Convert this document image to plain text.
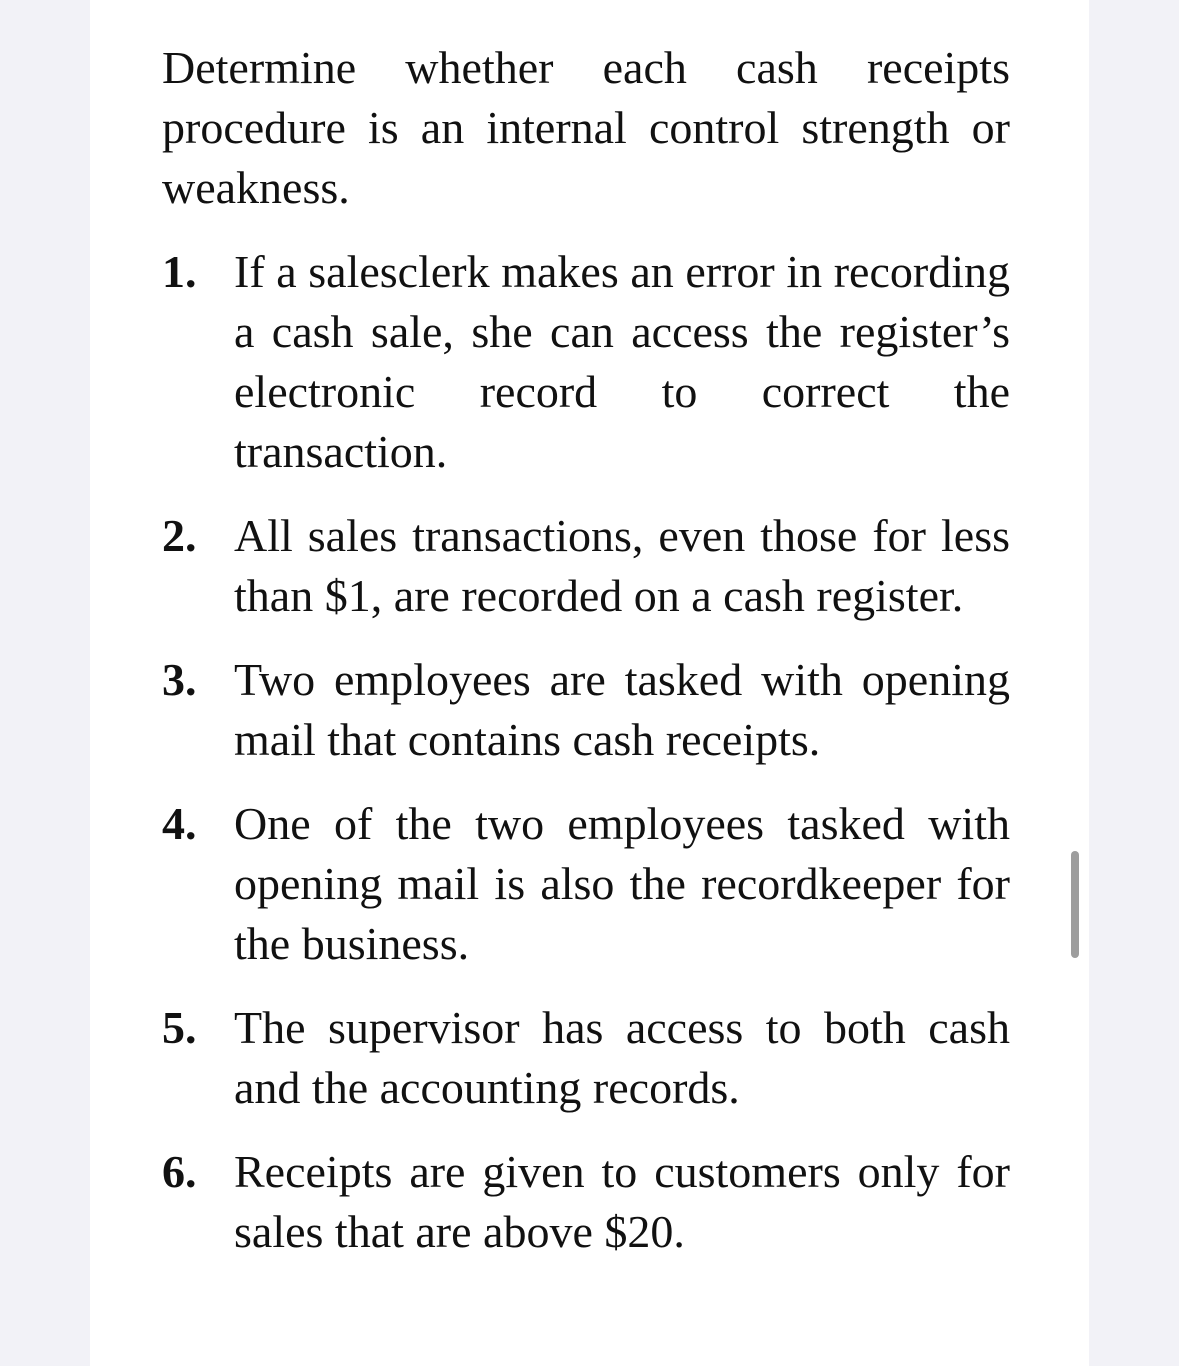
Determine whether each cash receipts procedure is an internal control strength or weakness.

1. If a salesclerk makes an error in recording a cash sale, she can access the register’s electronic record to correct the transaction.
2. All sales transactions, even those for less than $1, are recorded on a cash register.
3. Two employees are tasked with opening mail that contains cash receipts.
4. One of the two employees tasked with opening mail is also the recordkeeper for the business.
5. The supervisor has access to both cash and the accounting records.
6. Receipts are given to customers only for sales that are above $20.
